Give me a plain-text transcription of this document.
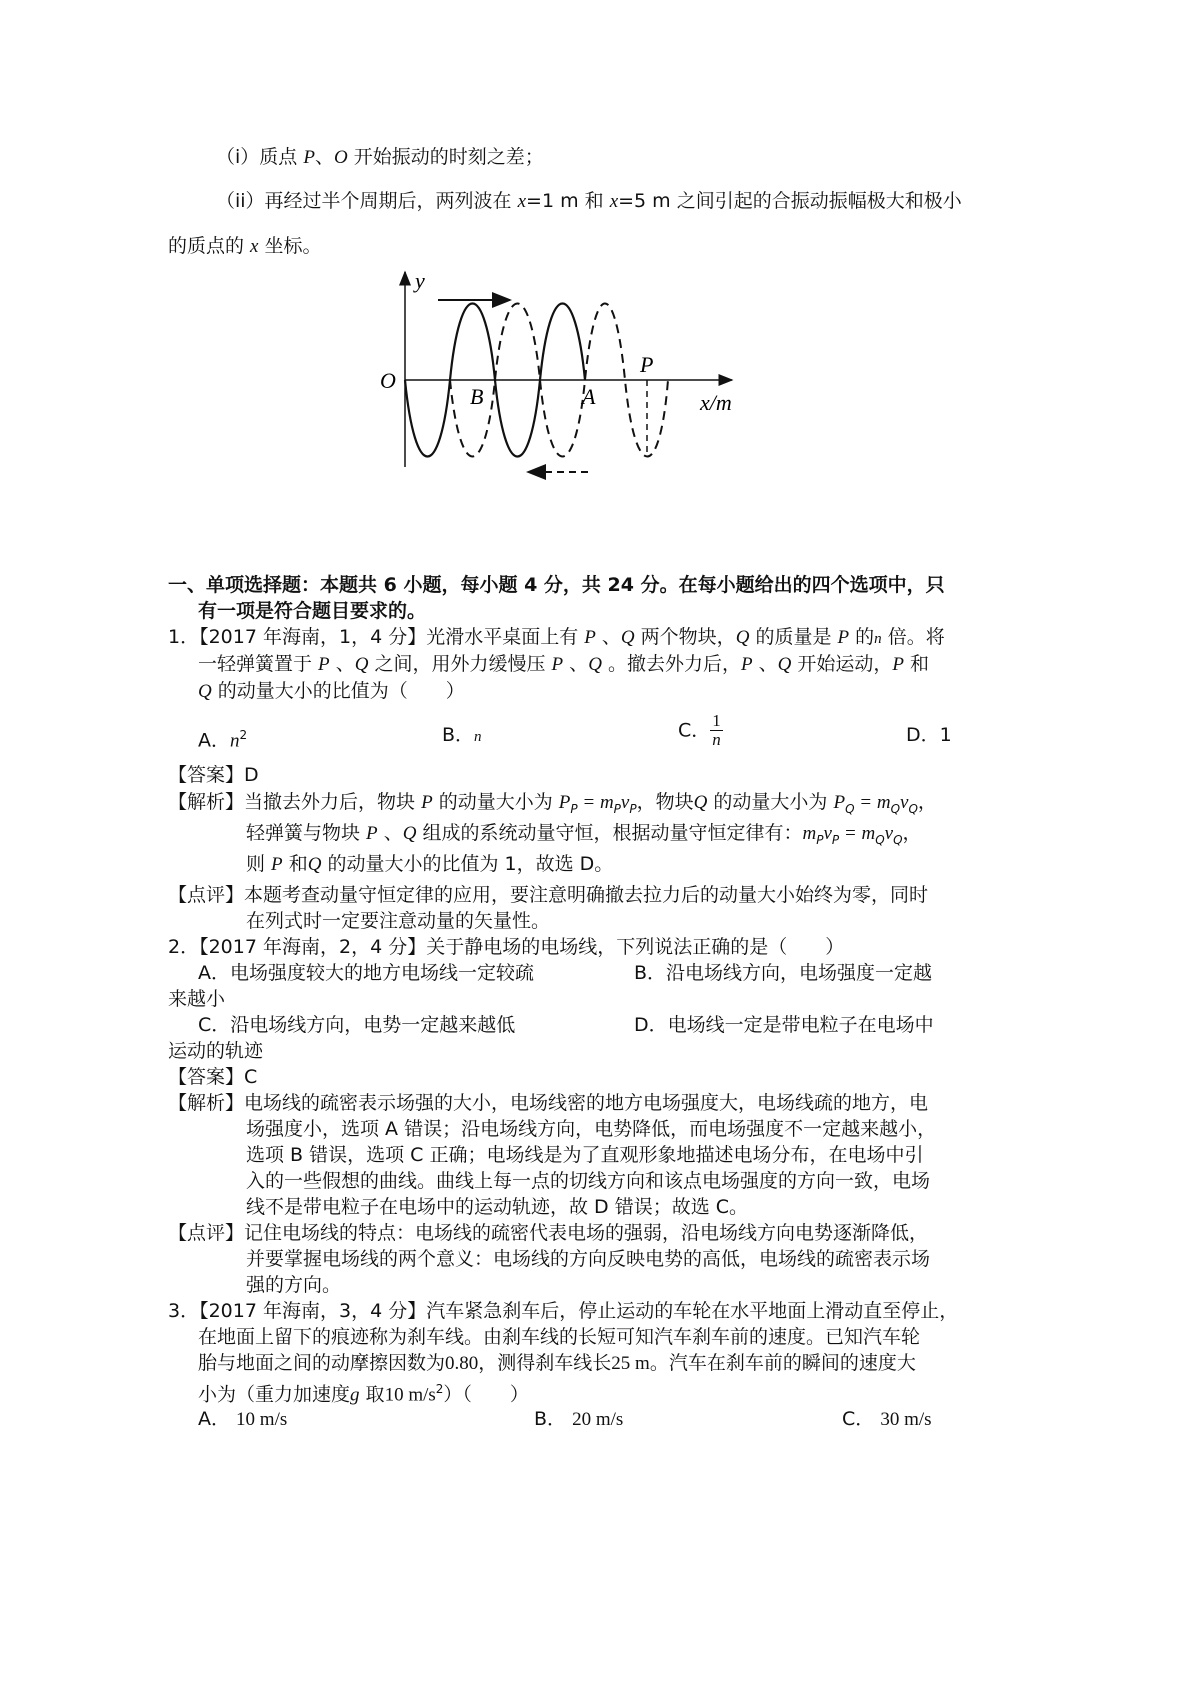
（i）质点 P、O 开始振动的时刻之差；
（ii）再经过半个周期后，两列波在 x=1 m 和 x=5 m 之间引起的合振动振幅极大和极小
的质点的 x 坐标。
y
O
B	A
P
x/m
一、单项选择题：本题共 6 小题，每小题 4 分，共 24 分。在每小题给出的四个选项中，只
有一项是符合题目要求的。
1．【2017 年海南，1，4 分】光滑水平桌面上有 P 、Q 两个物块，Q 的质量是 P 的n 倍。将
一轻弹簧置于 P 、Q 之间，用外力缓慢压 P 、Q 。撤去外力后，P 、Q 开始运动，P 和
Q 的动量大小的比值为（　　）
A．$n^2$	B．n	C． $\frac{1}{n}$	D．1
【答案】D
【解析】当撤去外力后，物块 P 的动量大小为 $P_P = m_Pv_P$，物块Q 的动量大小为 $P_Q = m_Qv_Q$，
轻弹簧与物块 P 、Q 组成的系统动量守恒，根据动量守恒定律有：$m_Pv_P = m_Qv_Q$，
则 P 和Q 的动量大小的比值为 1，故选 D。
【点评】本题考查动量守恒定律的应用，要注意明确撤去拉力后的动量大小始终为零，同时
在列式时一定要注意动量的矢量性。
2．【2017 年海南，2，4 分】关于静电场的电场线，下列说法正确的是（　　）
A．电场强度较大的地方电场线一定较疏	B．沿电场线方向，电场强度一定越
来越小
C．沿电场线方向，电势一定越来越低	D．电场线一定是带电粒子在电场中
运动的轨迹
【答案】C
【解析】电场线的疏密表示场强的大小，电场线密的地方电场强度大，电场线疏的地方，电
场强度小，选项 A 错误；沿电场线方向，电势降低，而电场强度不一定越来越小，
选项 B 错误，选项 C 正确；电场线是为了直观形象地描述电场分布，在电场中引
入的一些假想的曲线。曲线上每一点的切线方向和该点电场强度的方向一致，电场
线不是带电粒子在电场中的运动轨迹，故 D 错误；故选 C。
【点评】记住电场线的特点：电场线的疏密代表电场的强弱，沿电场线方向电势逐渐降低，
并要掌握电场线的两个意义：电场线的方向反映电势的高低，电场线的疏密表示场
强的方向。
3．【2017 年海南，3，4 分】汽车紧急刹车后，停止运动的车轮在水平地面上滑动直至停止，
在地面上留下的痕迹称为刹车线。由刹车线的长短可知汽车刹车前的速度。已知汽车轮
胎与地面之间的动摩擦因数为0.80，测得刹车线长25 m。汽车在刹车前的瞬间的速度大
小为（重力加速度g 取10 $m/s^2$）（　　）
A． 10 m/s	B． 20 m/s	C． 30 m/s
